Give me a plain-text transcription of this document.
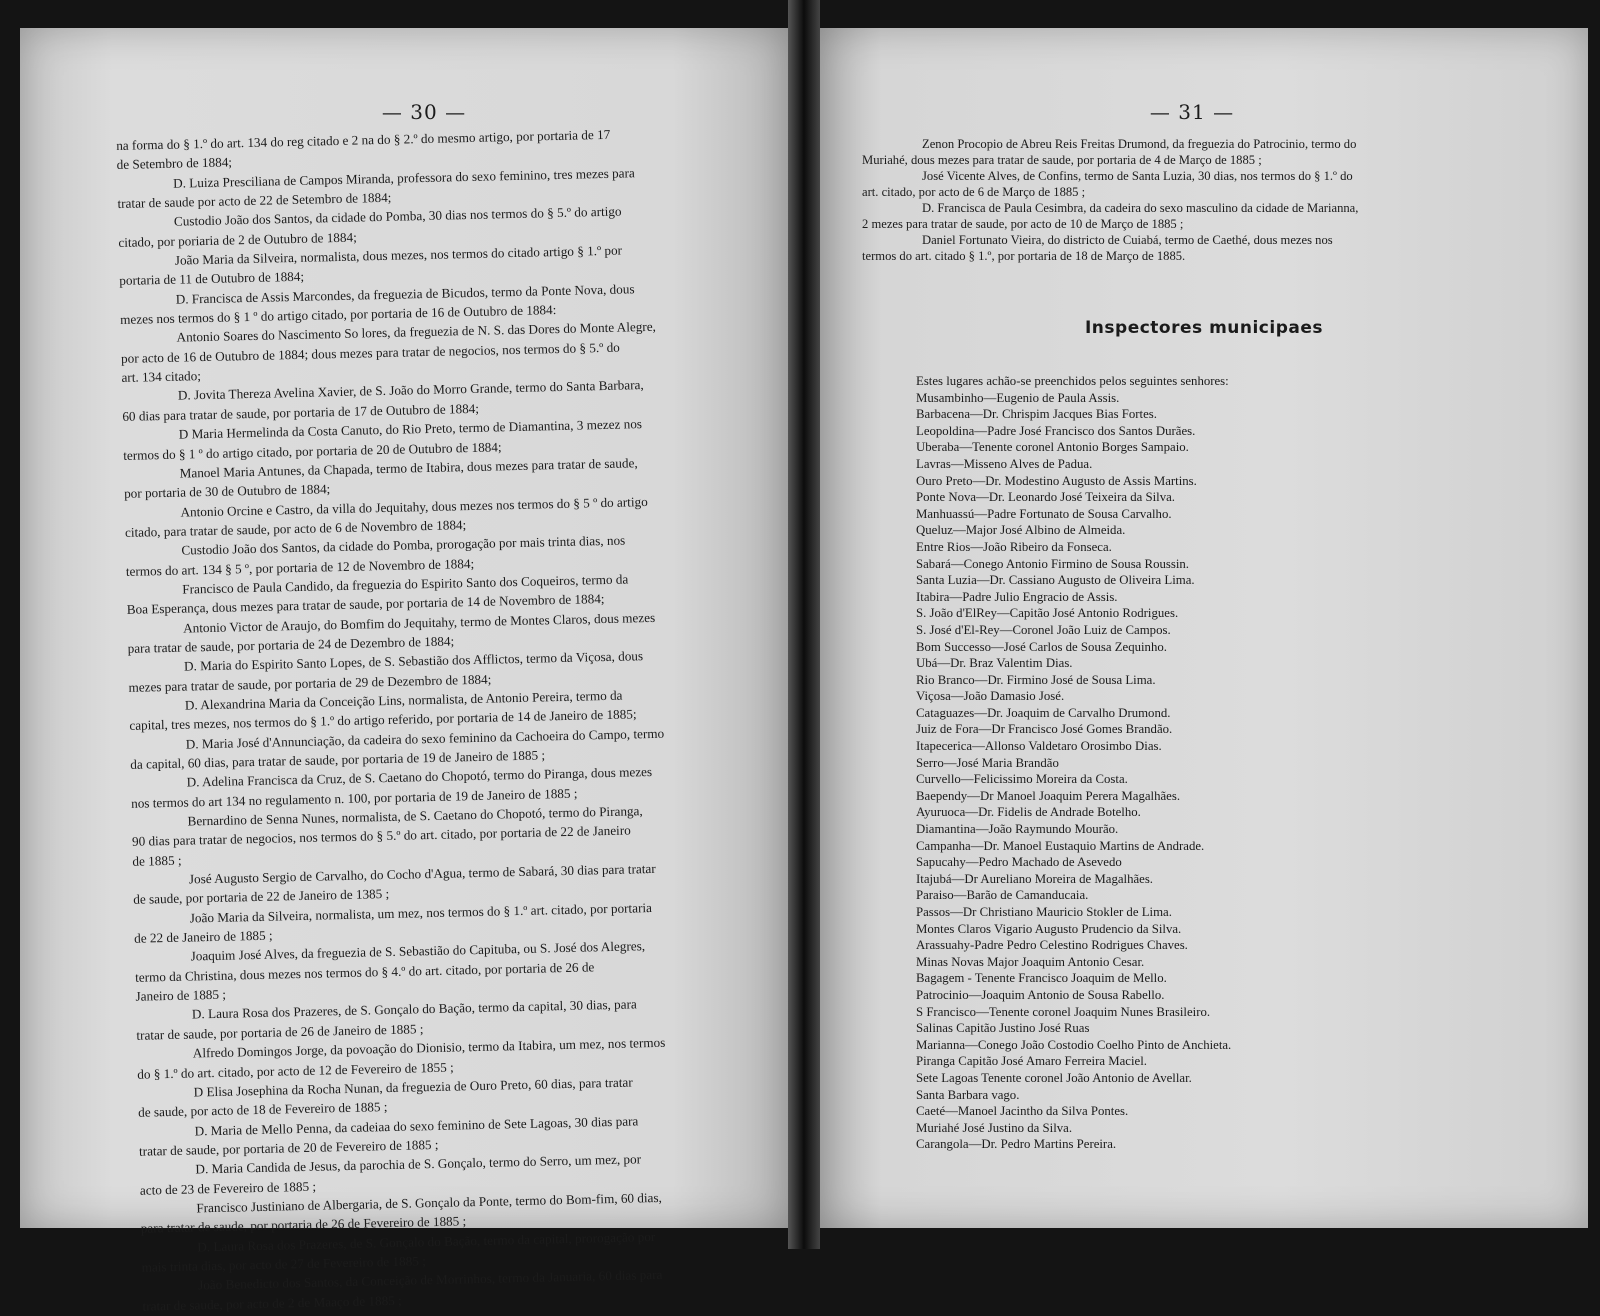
— 30 —
na forma do § 1.º do art. 134 do reg citado e 2 na do § 2.º do mesmo artigo, por portaria de 17
de Setembro de 1884;
D. Luiza Presciliana de Campos Miranda, professora do sexo feminino, tres mezes para
tratar de saude por acto de 22 de Setembro de 1884;
Custodio João dos Santos, da cidade do Pomba, 30 dias nos termos do § 5.º do artigo
citado, por poriaria de 2 de Outubro de 1884;
João Maria da Silveira, normalista, dous mezes, nos termos do citado artigo § 1.º por
portaria de 11 de Outubro de 1884;
D. Francisca de Assis Marcondes, da freguezia de Bicudos, termo da Ponte Nova, dous
mezes nos termos do § 1 º do artigo citado, por portaria de 16 de Outubro de 1884:
Antonio Soares do Nascimento So lores, da freguezia de N. S. das Dores do Monte Alegre,
por acto de 16 de Outubro de 1884; dous mezes para tratar de negocios, nos termos do § 5.º do
art. 134 citado;
D. Jovita Thereza Avelina Xavier, de S. João do Morro Grande, termo do Santa Barbara,
60 dias para tratar de saude, por portaria de 17 de Outubro de 1884;
D Maria Hermelinda da Costa Canuto, do Rio Preto, termo de Diamantina, 3 mezez nos
termos do § 1 º do artigo citado, por portaria de 20 de Outubro de 1884;
Manoel Maria Antunes, da Chapada, termo de Itabira, dous mezes para tratar de saude,
por portaria de 30 de Outubro de 1884;
Antonio Orcine e Castro, da villa do Jequitahy, dous mezes nos termos do § 5 º do artigo
citado, para tratar de saude, por acto de 6 de Novembro de 1884;
Custodio João dos Santos, da cidade do Pomba, prorogação por mais trinta dias, nos
termos do art. 134 § 5 º, por portaria de 12 de Novembro de 1884;
Francisco de Paula Candido, da freguezia do Espirito Santo dos Coqueiros, termo da
Boa Esperança, dous mezes para tratar de saude, por portaria de 14 de Novembro de 1884;
Antonio Victor de Araujo, do Bomfim do Jequitahy, termo de Montes Claros, dous mezes
para tratar de saude, por portaria de 24 de Dezembro de 1884;
D. Maria do Espirito Santo Lopes, de S. Sebastião dos Afflictos, termo da Viçosa, dous
mezes para tratar de saude, por portaria de 29 de Dezembro de 1884;
D. Alexandrina Maria da Conceição Lins, normalista, de Antonio Pereira, termo da
capital, tres mezes, nos termos do § 1.º do artigo referido, por portaria de 14 de Janeiro de 1885;
D. Maria José d'Annunciação, da cadeira do sexo feminino da Cachoeira do Campo, termo
da capital, 60 dias, para tratar de saude, por portaria de 19 de Janeiro de 1885 ;
D. Adelina Francisca da Cruz, de S. Caetano do Chopotó, termo do Piranga, dous mezes
nos termos do art 134 no regulamento n. 100, por portaria de 19 de Janeiro de 1885 ;
Bernardino de Senna Nunes, normalista, de S. Caetano do Chopotó, termo do Piranga,
90 dias para tratar de negocios, nos termos do § 5.º do art. citado, por portaria de 22 de Janeiro
de 1885 ;
José Augusto Sergio de Carvalho, do Cocho d'Agua, termo de Sabará, 30 dias para tratar
de saude, por portaria de 22 de Janeiro de 1385 ;
João Maria da Silveira, normalista, um mez, nos termos do § 1.º art. citado, por portaria
de 22 de Janeiro de 1885 ;
Joaquim José Alves, da freguezia de S. Sebastião do Capituba, ou S. José dos Alegres,
termo da Christina, dous mezes nos termos do § 4.º do art. citado, por portaria de 26 de
Janeiro de 1885 ;
D. Laura Rosa dos Prazeres, de S. Gonçalo do Bação, termo da capital, 30 dias, para
tratar de saude, por portaria de 26 de Janeiro de 1885 ;
Alfredo Domingos Jorge, da povoação do Dionisio, termo da Itabira, um mez, nos termos
do § 1.º do art. citado, por acto de 12 de Fevereiro de 1855 ;
D Elisa Josephina da Rocha Nunan, da freguezia de Ouro Preto, 60 dias, para tratar
de saude, por acto de 18 de Fevereiro de 1885 ;
D. Maria de Mello Penna, da cadeiaa do sexo feminino de Sete Lagoas, 30 dias para
tratar de saude, por portaria de 20 de Fevereiro de 1885 ;
D. Maria Candida de Jesus, da parochia de S. Gonçalo, termo do Serro, um mez, por
acto de 23 de Fevereiro de 1885 ;
Francisco Justiniano de Albergaria, de S. Gonçalo da Ponte, termo do Bom-fim, 60 dias,
para tratar de saude, por portaria de 26 de Fevereiro de 1885 ;
D. Laura Rosa dos Prazeres, de S. Gonçalo do Bação, termo da capital, prorogação por
mais trinta dias, por acto de 27 de Fevereiro de 1885 ;
João Benedicto dos Santos, da Conceição de Morrinhos, termo da Januaria, 60 dias para
tratar de saude, por acto de 2 de Maaço de 1885 ;
— 31 —
Zenon Procopio de Abreu Reis Freitas Drumond, da freguezia do Patrocinio, termo do
Muriahé, dous mezes para tratar de saude, por portaria de 4 de Março de 1885 ;
José Vicente Alves, de Confins, termo de Santa Luzia, 30 dias, nos termos do § 1.º do
art. citado, por acto de 6 de Março de 1885 ;
D. Francisca de Paula Cesimbra, da cadeira do sexo masculino da cidade de Marianna,
2 mezes para tratar de saude, por acto de 10 de Março de 1885 ;
Daniel Fortunato Vieira, do districto de Cuiabá, termo de Caethé, dous mezes nos
termos do art. citado § 1.º, por portaria de 18 de Março de 1885.
Inspectores municipaes
Estes lugares achão-se preenchidos pelos seguintes senhores:
Musambinho—Eugenio de Paula Assis.
Barbacena—Dr. Chrispim Jacques Bias Fortes.
Leopoldina—Padre José Francisco dos Santos Durães.
Uberaba—Tenente coronel Antonio Borges Sampaio.
Lavras—Misseno Alves de Padua.
Ouro Preto—Dr. Modestino Augusto de Assis Martins.
Ponte Nova—Dr. Leonardo José Teixeira da Silva.
Manhuassú—Padre Fortunato de Sousa Carvalho.
Queluz—Major José Albino de Almeida.
Entre Rios—João Ribeiro da Fonseca.
Sabará—Conego Antonio Firmino de Sousa Roussin.
Santa Luzia—Dr. Cassiano Augusto de Oliveira Lima.
Itabira—Padre Julio Engracio de Assis.
S. João d'ElRey—Capitão José Antonio Rodrigues.
S. José d'El-Rey—Coronel João Luiz de Campos.
Bom Successo—José Carlos de Sousa Zequinho.
Ubá—Dr. Braz Valentim Dias.
Rio Branco—Dr. Firmino José de Sousa Lima.
Viçosa—João Damasio José.
Cataguazes—Dr. Joaquim de Carvalho Drumond.
Juiz de Fora—Dr Francisco José Gomes Brandão.
Itapecerica—Allonso Valdetaro Orosimbo Dias.
Serro—José Maria Brandão
Curvello—Felicissimo Moreira da Costa.
Baependy—Dr Manoel Joaquim Perera Magalhães.
Ayuruoca—Dr. Fidelis de Andrade Botelho.
Diamantina—João Raymundo Mourão.
Campanha—Dr. Manoel Eustaquio Martins de Andrade.
Sapucahy—Pedro Machado de Asevedo
Itajubá—Dr Aureliano Moreira de Magalhães.
Paraiso—Barão de Camanducaia.
Passos—Dr Christiano Mauricio Stokler de Lima.
Montes Claros Vigario Augusto Prudencio da Silva.
Arassuahy-Padre Pedro Celestino Rodrigues Chaves.
Minas Novas Major Joaquim Antonio Cesar.
Bagagem - Tenente Francisco Joaquim de Mello.
Patrocinio—Joaquim Antonio de Sousa Rabello.
S Francisco—Tenente coronel Joaquim Nunes Brasileiro.
Salinas Capitão Justino José Ruas
Marianna—Conego João Costodio Coelho Pinto de Anchieta.
Piranga Capitão José Amaro Ferreira Maciel.
Sete Lagoas Tenente coronel João Antonio de Avellar.
Santa Barbara vago.
Caeté—Manoel Jacintho da Silva Pontes.
Muriahé José Justino da Silva.
Carangola—Dr. Pedro Martins Pereira.
